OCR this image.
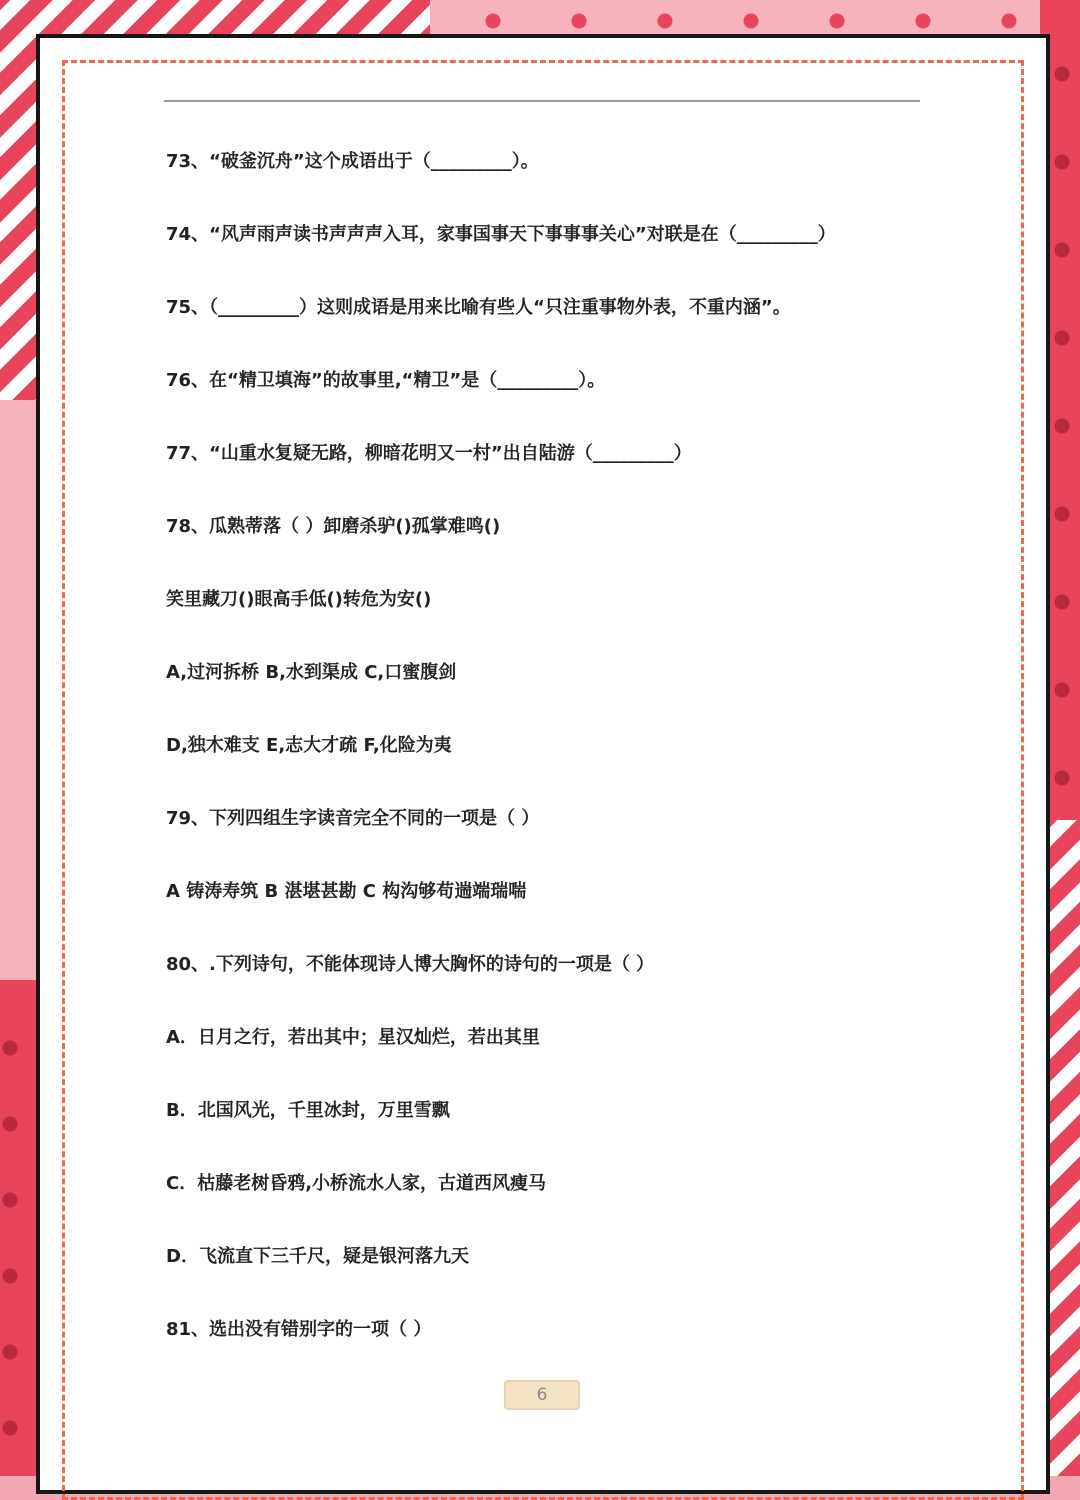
73、“破釜沉舟”这个成语出于（_________）。
74、“风声雨声读书声声声入耳，家事国事天下事事事关心”对联是在（_________）
75、（_________）这则成语是用来比喻有些人“只注重事物外表，不重内涵”。
76、在“精卫填海”的故事里,“精卫”是（_________）。
77、“山重水复疑无路，柳暗花明又一村”出自陆游（_________）
78、瓜熟蒂落（ ）卸磨杀驴()孤掌难鸣()
笑里藏刀()眼高手低()转危为安()
A,过河拆桥 B,水到渠成 C,口蜜腹剑
D,独木难支 E,志大才疏 F,化险为夷
79、下列四组生字读音完全不同的一项是（ ）
A 铸涛寿筑 B 湛堪甚勘 C 构沟够苟遄端瑞喘
80、.下列诗句，不能体现诗人博大胸怀的诗句的一项是（ ）
A．日月之行，若出其中；星汉灿烂，若出其里
B．北国风光，千里冰封，万里雪飘
C．枯藤老树昏鸦,小桥流水人家，古道西风瘦马
D．飞流直下三千尺，疑是银河落九天
81、选出没有错别字的一项（ ）
6
